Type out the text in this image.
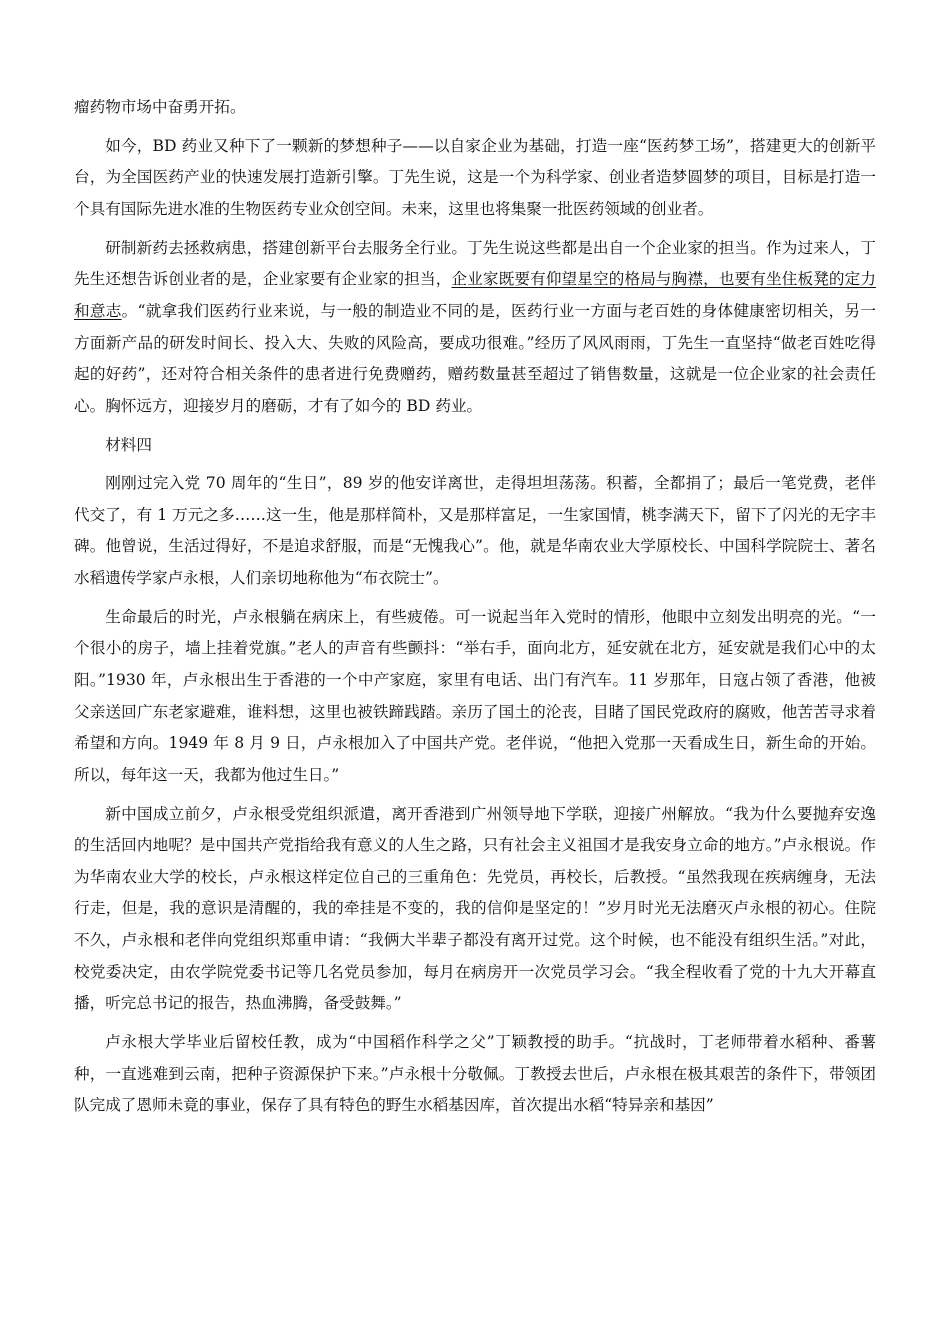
瘤药物市场中奋勇开拓。

如今，BD 药业又种下了一颗新的梦想种子——以自家企业为基础，打造一座“医药梦工场”，搭建更大的创新平台，为全国医药产业的快速发展打造新引擎。丁先生说，这是一个为科学家、创业者造梦圆梦的项目，目标是打造一个具有国际先进水准的生物医药专业众创空间。未来，这里也将集聚一批医药领域的创业者。

研制新药去拯救病患，搭建创新平台去服务全行业。丁先生说这些都是出自一个企业家的担当。作为过来人，丁先生还想告诉创业者的是，企业家要有企业家的担当，企业家既要有仰望星空的格局与胸襟，也要有坐住板凳的定力和意志。“就拿我们医药行业来说，与一般的制造业不同的是，医药行业一方面与老百姓的身体健康密切相关，另一方面新产品的研发时间长、投入大、失败的风险高，要成功很难。”经历了风风雨雨，丁先生一直坚持“做老百姓吃得起的好药”，还对符合相关条件的患者进行免费赠药，赠药数量甚至超过了销售数量，这就是一位企业家的社会责任心。胸怀远方，迎接岁月的磨砺，才有了如今的 BD 药业。

材料四

刚刚过完入党 70 周年的“生日”，89 岁的他安详离世，走得坦坦荡荡。积蓄，全都捐了；最后一笔党费，老伴代交了，有 1 万元之多……这一生，他是那样简朴，又是那样富足，一生家国情，桃李满天下，留下了闪光的无字丰碑。他曾说，生活过得好，不是追求舒服，而是“无愧我心”。他，就是华南农业大学原校长、中国科学院院士、著名水稻遗传学家卢永根，人们亲切地称他为“布衣院士”。

生命最后的时光，卢永根躺在病床上，有些疲倦。可一说起当年入党时的情形，他眼中立刻发出明亮的光。“一个很小的房子，墙上挂着党旗。”老人的声音有些颤抖：“举右手，面向北方，延安就在北方，延安就是我们心中的太阳。”1930 年，卢永根出生于香港的一个中产家庭，家里有电话、出门有汽车。11 岁那年，日寇占领了香港，他被父亲送回广东老家避难，谁料想，这里也被铁蹄践踏。亲历了国土的沦丧，目睹了国民党政府的腐败，他苦苦寻求着希望和方向。1949 年 8 月 9 日，卢永根加入了中国共产党。老伴说，“他把入党那一天看成生日，新生命的开始。所以，每年这一天，我都为他过生日。”

新中国成立前夕，卢永根受党组织派遣，离开香港到广州领导地下学联，迎接广州解放。“我为什么要抛弃安逸的生活回内地呢？是中国共产党指给我有意义的人生之路，只有社会主义祖国才是我安身立命的地方。”卢永根说。作为华南农业大学的校长，卢永根这样定位自己的三重角色：先党员，再校长，后教授。“虽然我现在疾病缠身，无法行走，但是，我的意识是清醒的，我的牵挂是不变的，我的信仰是坚定的！”岁月时光无法磨灭卢永根的初心。住院不久，卢永根和老伴向党组织郑重申请：“我俩大半辈子都没有离开过党。这个时候，也不能没有组织生活。”对此，校党委决定，由农学院党委书记等几名党员参加，每月在病房开一次党员学习会。“我全程收看了党的十九大开幕直播，听完总书记的报告，热血沸腾，备受鼓舞。”

卢永根大学毕业后留校任教，成为“中国稻作科学之父”丁颖教授的助手。“抗战时，丁老师带着水稻种、番薯种，一直逃难到云南，把种子资源保护下来。”卢永根十分敬佩。丁教授去世后，卢永根在极其艰苦的条件下，带领团队完成了恩师未竟的事业，保存了具有特色的野生水稻基因库，首次提出水稻“特异亲和基因”
